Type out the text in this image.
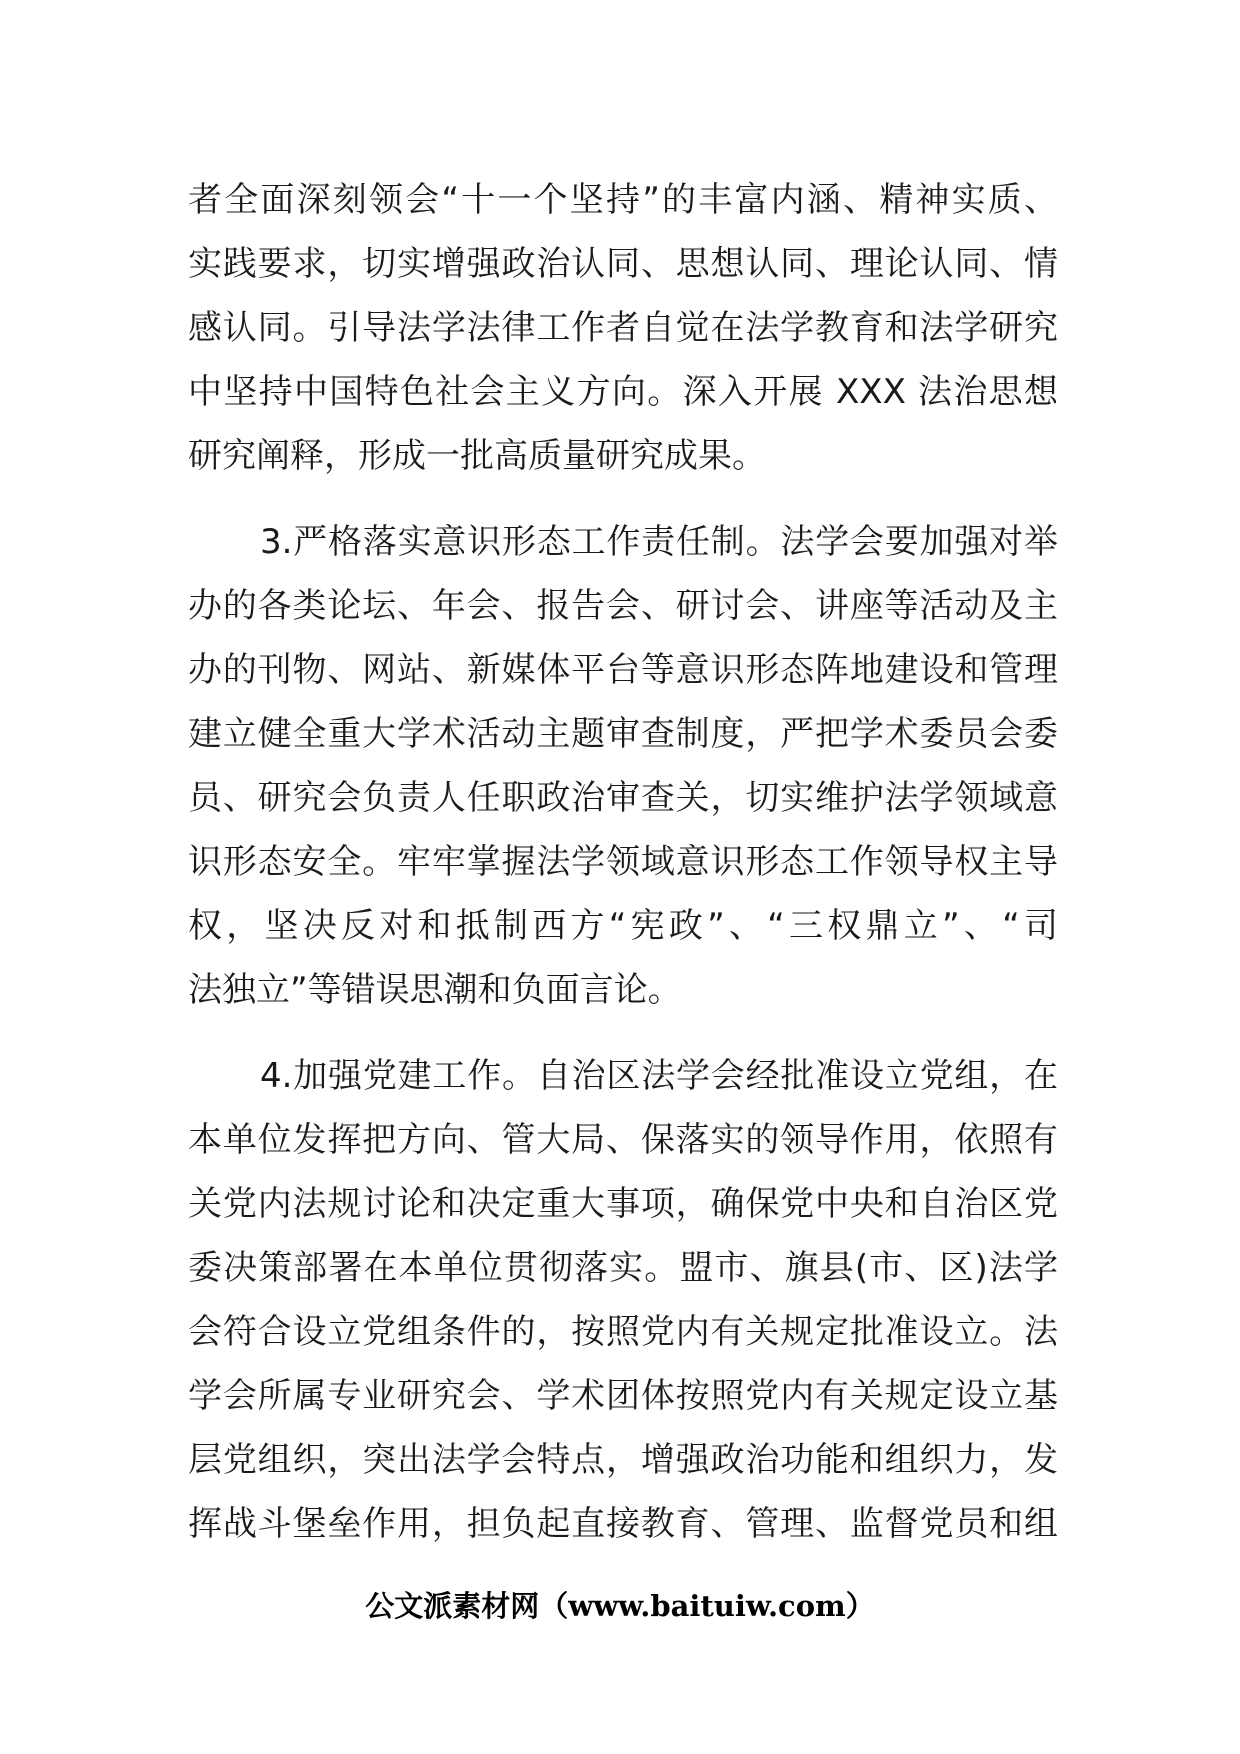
者全面深刻领会“十一个坚持”的丰富内涵、精神实质、
实践要求，切实增强政治认同、思想认同、理论认同、情
感认同。引导法学法律工作者自觉在法学教育和法学研究
中坚持中国特色社会主义方向。深入开展 XXX 法治思想
研究阐释，形成一批高质量研究成果。
3.严格落实意识形态工作责任制。法学会要加强对举
办的各类论坛、年会、报告会、研讨会、讲座等活动及主
办的刊物、网站、新媒体平台等意识形态阵地建设和管理
建立健全重大学术活动主题审查制度，严把学术委员会委
员、研究会负责人任职政治审查关，切实维护法学领域意
识形态安全。牢牢掌握法学领域意识形态工作领导权主导
权，坚决反对和抵制西方“宪政”、“三权鼎立”、“司
法独立”等错误思潮和负面言论。
4.加强党建工作。自治区法学会经批准设立党组，在
本单位发挥把方向、管大局、保落实的领导作用，依照有
关党内法规讨论和决定重大事项，确保党中央和自治区党
委决策部署在本单位贯彻落实。盟市、旗县(市、区)法学
会符合设立党组条件的，按照党内有关规定批准设立。法
学会所属专业研究会、学术团体按照党内有关规定设立基
层党组织，突出法学会特点，增强政治功能和组织力，发
挥战斗堡垒作用，担负起直接教育、管理、监督党员和组
公文派素材网（www.baituiw.com）
